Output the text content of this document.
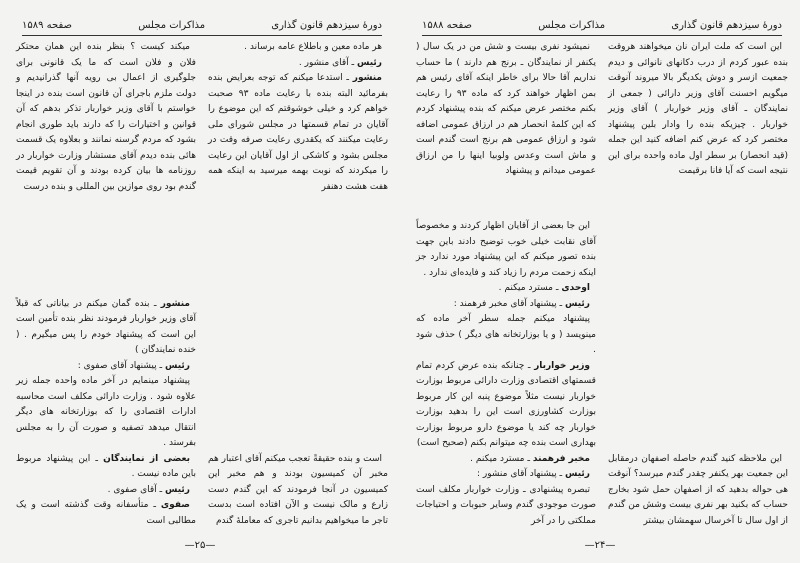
دورهٔ سیزدهم قانون گذاری
مذاکرات مجلس
صفحه ۱۵۸۹

هر ماده معین و باطلاع عامه برساند .

رئیس ـ آقای منشور .

منشور ـ استدعا میکنم که توجه بعرایض بنده بفرمائید البته بنده با رعایت ماده ۹۳ صحبت خواهم کرد و خیلی خوشوقتم که این موضوع را آقایان در تمام قسمتها در مجلس شورای ملی رعایت میکنند که یکقدری رعایت صرفه وقت در مجلس بشود و کاشکی از اول آقایان این رعایت را میکردند که نوبت بهمه میرسید به اینکه همه هفت هشت دهنفر

است و بنده حقیقةً تعجب میکنم آقای اعتبار هم مخبر آن کمیسیون بودند و هم مخبر این کمیسیون در آنجا فرمودند که این گندم دست زارع و مالک نیست و الآن افتاده است بدست تاجر ما میخواهیم بدانیم تاجری که معاملهٔ گندم

میکند کیست ؟ بنظر بنده این همان محتکر فلان و فلان است که ما یک قانونی برای جلوگیری از اعمال بی رویه آنها گذرانیدیم و دولت ملزم باجرای آن قانون است بنده در اینجا خواستم با آقای وزیر خواربار تذکر بدهم که آن قوانین و اختیارات را که دارند باید طوری انجام بشود که مردم گرسنه نمانند و بعلاوه یک قسمت هائی بنده دیدم آقای مستشار وزارت خواربار در روزنامه ها بیان کرده بودند و آن تقویم قیمت گندم بود روی موازین بین المللی و بنده درست

منشور ـ بنده گمان میکنم در بیاناتی که قبلاً آقای وزیر خواربار فرمودند نظر بنده تأمین است این است که پیشنهاد خودم را پس میگیرم . ( خنده نمایندگان )

رئیس ـ پیشنهاد آقای صفوی :

پیشنهاد مینمایم در آخر ماده واحده جمله زیر علاوه شود . وزارت دارائی مکلف است محاسبه ادارات اقتصادی را که بوزارتخانه های دیگر انتقال میدهد تصفیه و صورت آن را به مجلس بفرستد .

بعضی از نمایندگان ـ این پیشنهاد مربوط باین ماده نیست .

رئیس ـ آقای صفوی .

صفوی ـ متأسفانه وقت گذشته است و یک مطالبی است

—۲۵—
دورهٔ سیزدهم قانون گذاری
مذاکرات مجلس
صفحه ۱۵۸۸

این است که ملت ایران نان میخواهند هروقت بنده عبور کردم از درب دکانهای نانوائی و دیدم جمعیت ازسر و دوش یکدیگر بالا میروند آنوقت میگویم احسنت آقای وزیر دارائی ( جمعی از نمایندگان ـ آقای وزیر خواربار ) آقای وزیر خواربار . چیزیکه بنده را وادار بلین پیشنهاد مختصر کرد که عرض کنم اضافه کنید این جمله (قید انحصار) بر سطر اول ماده واحده برای این نتیجه است که آیا فانا برقیمت

این ملاحظه کنید گندم حاصله اصفهان درمقابل این جمعیت بهر یکنفر چقدر گندم میرسد؟ آنوقت هی حواله بدهید که از اصفهان حمل شود بخارج حساب که بکنید بهر نفری بیست وشش من گندم از اول سال تا آخرسال سهمشان بیشتر

نمیشود نفری بیست و شش من در یک سال ( یکنفر از نمایندگان ـ برنج هم دارند ) ما حساب نداریم آقا حالا برای خاطر اینکه آقای رئیس هم بمن اظهار خواهند کرد که ماده ۹۳ را رعایت بکنم مختصر عرض میکنم که بنده پیشنهاد کردم که این کلمهٔ انحصار هم در ارزاق عمومی اضافه شود و ارزاق عمومی هم برنج است گندم است و ماش است وعدس ولوبیا اینها را من ارزاق عمومی میدانم و پیشنهاد

این جا بعضی از آقایان اظهار کردند و مخصوصاً آقای نقابت خیلی خوب توضیح دادند باین جهت بنده تصور میکنم که این پیشنهاد مورد ندارد جز اینکه زحمت مردم را زیاد کند و فایده‌ای ندارد .

اوحدی ـ مسترد میکنم .

رئیس ـ پیشنهاد آقای مخبر فرهمند :

پیشنهاد میکنم جمله سطر آخر ماده که مینویسد ( و یا بوزارتخانه های دیگر ) حذف شود .

وزیر خواربار ـ چنانکه بنده عرض کردم تمام قسمتهای اقتصادی وزارت دارائی مربوط بوزارت خواربار نیست مثلاً موضوع پنبه این کار مربوط بوزارت کشاورزی است این را بدهید بوزارت خواربار چه کند یا موضوع دارو مربوط بوزارت بهداری است بنده چه میتوانم بکنم (صحیح است)

مخبر فرهمند ـ مسترد میکنم .

رئیس ـ پیشنهاد آقای منشور :

تبصره پیشنهادی ـ وزارت خواربار مکلف است صورت موجودی گندم وسایر حبوبات و احتیاجات مملکتی را در آخر

—۲۴—
